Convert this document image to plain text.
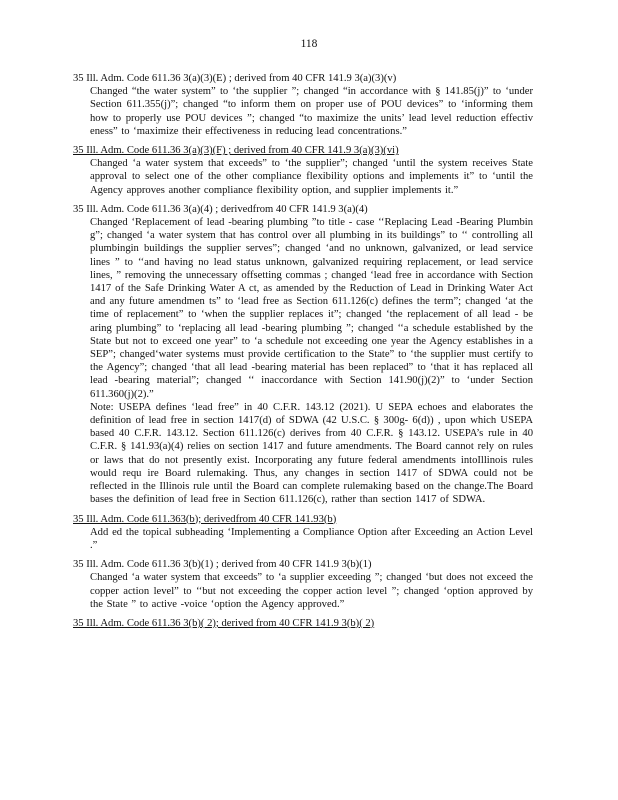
118
35 Ill. Adm. Code 611.36 3(a)(3)(E) ; derived from 40 CFR 141.9 3(a)(3)(v)
Changed “the water system” to ‘the supplier ”; changed “in accordance with § 141.85(j)” to ‘under Section 611.355(j)”; changed “to inform them on proper use of POU devices” to ‘informing them how to properly use POU devices ”; changed “to maximize the units’ lead level reduction effectiv eness” to ‘maximize their effectiveness in reducing lead concentrations.”
35 Ill. Adm. Code 611.36 3(a)(3)(F) ; derived from 40 CFR 141.9 3(a)(3)(vi)
Changed ‘a water system that exceeds” to ‘the supplier”; changed ‘until the system receives State approval to select one of the other compliance flexibility options and implements it” to ‘until the Agency approves another compliance flexibility option, and supplier implements it.”
35 Ill. Adm. Code 611.36 3(a)(4) ; derivedfrom 40 CFR 141.9 3(a)(4)
Changed ‘Replacement of lead -bearing plumbing ”to title - case ‘‘Replacing Lead -Bearing Plumbin g”; changed ‘a water system that has control over all plumbing in its buildings” to ‘‘ controlling all plumbingin buildings the supplier serves”; changed ‘and no unknown, galvanized, or lead service lines ” to ‘‘and having no lead status unknown, galvanized requiring replacement, or lead service lines, ” removing the unnecessary offsetting commas ; changed ‘lead free in accordance with Section 1417 of the Safe Drinking Water A ct, as amended by the Reduction of Lead in Drinking Water Act and any future amendmen ts” to ‘lead free as Section 611.126(c) defines the term”; changed ‘at the time of replacement” to ‘when the supplier replaces it”; changed ‘the replacement of all lead - be aring plumbing” to ‘replacing all lead -bearing plumbing ”; changed ‘‘a schedule established by the State but not to exceed one year” to ‘a schedule not exceeding one year the Agency establishes in a SEP”; changed‘water systems must provide certification to the State” to ‘the supplier must certify to the Agency”; changed ‘that all lead -bearing material has been replaced” to ‘that it has replaced all lead -bearing material”; changed ‘‘ inaccordance with Section 141.90(j)(2)” to ‘under Section 611.360(j)(2).”
Note: USEPA defines ‘lead free” in 40 C.F.R. 143.12 (2021). U SEPA echoes and elaborates the definition of lead free in section 1417(d) of SDWA (42 U.S.C. § 300g- 6(d)) , upon which USEPA based 40 C.F.R. 143.12. Section 611.126(c) derives from 40 C.F.R. § 143.12. USEPA’s rule in 40 C.F.R. § 141.93(a)(4) relies on section 1417 and future amendments. The Board cannot rely on rules or laws that do not presently exist. Incorporating any future federal amendments intoIllinois rules would requ ire Board rulemaking. Thus, any changes in section 1417 of SDWA could not be reflected in the Illinois rule until the Board can complete rulemaking based on the change.The Board bases the definition of lead free in Section 611.126(c), rather than section 1417 of SDWA.
35 Ill. Adm. Code 611.363(b); derivedfrom 40 CFR 141.93(b)
Add ed the topical subheading ‘Implementing a Compliance Option after Exceeding an Action Level .”
35 Ill. Adm. Code 611.36 3(b)(1) ; derived from 40 CFR 141.9 3(b)(1)
Changed ‘a water system that exceeds” to ‘a supplier exceeding ”; changed ‘but does not exceed the copper action level” to ‘‘but not exceeding the copper action level ”; changed ‘option approved by the State ” to active -voice ‘option the Agency approved.”
35 Ill. Adm. Code 611.36 3(b)( 2); derived from 40 CFR 141.9 3(b)( 2)
